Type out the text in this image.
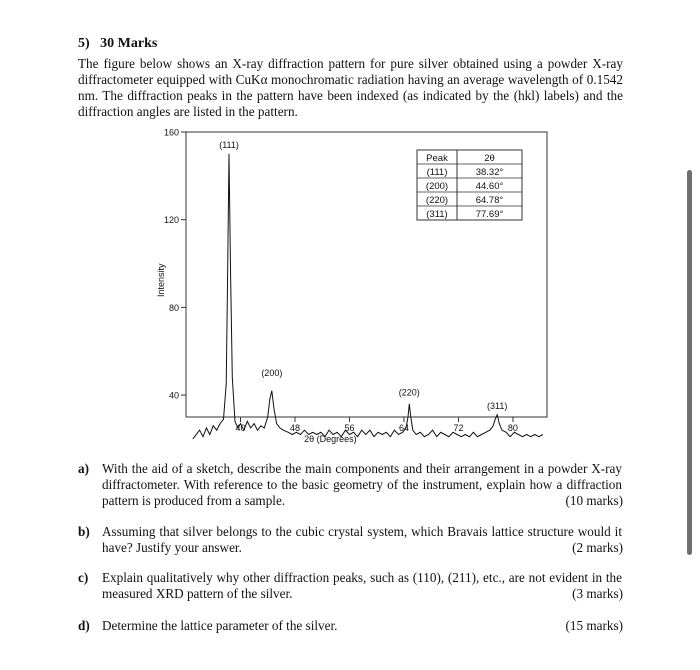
5) 30 Marks
The figure below shows an X-ray diffraction pattern for pure silver obtained using a powder X-ray diffractometer equipped with CuKα monochromatic radiation having an average wavelength of 0.1542 nm. The diffraction peaks in the pattern have been indexed (as indicated by the (hkl) labels) and the diffraction angles are listed in the pattern.
40
80
120
160
40	48	56	64	72	80
2θ (Degrees)
Intensity
(111)
(200)
(220)
(311)
Peak	2θ
(111)	38.32°
(200)	44.60°
(220)	64.78°
(311)	77.69°
a) With the aid of a sketch, describe the main components and their arrangement in a powder X-ray diffractometer. With reference to the basic geometry of the instrument, explain how a diffraction pattern is produced from a sample.	(10 marks)
b) Assuming that silver belongs to the cubic crystal system, which Bravais lattice structure would it have? Justify your answer.	(2 marks)
c) Explain qualitatively why other diffraction peaks, such as (110), (211), etc., are not evident in the measured XRD pattern of the silver.	(3 marks)
d) Determine the lattice parameter of the silver.	(15 marks)
